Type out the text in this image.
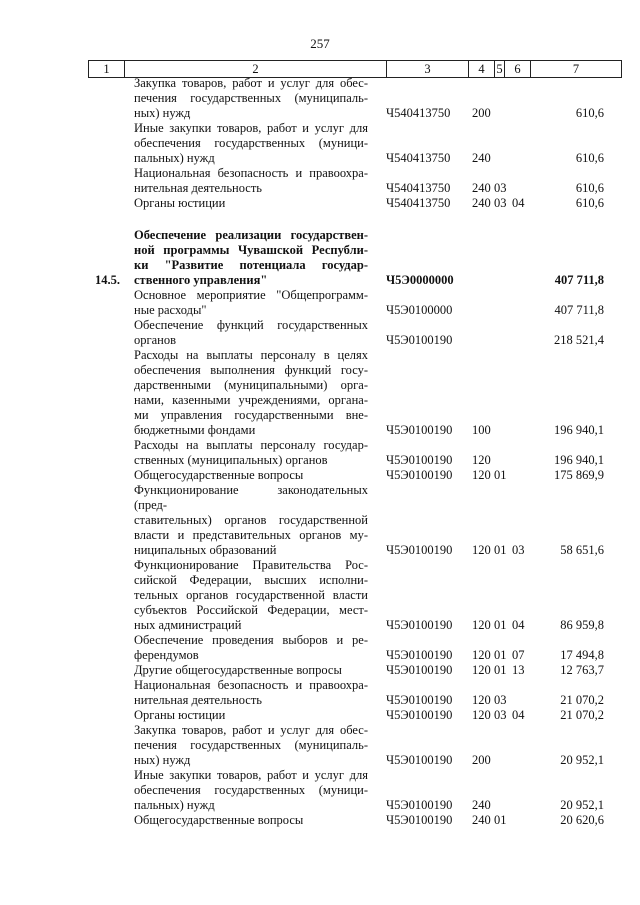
257
1	2	3	4 5 6	7
Закупка товаров, работ и услуг для обес-
печения государственных (муниципаль-
ных) нужд	Ч540413750 200	610,6
Иные закупки товаров, работ и услуг для
обеспечения государственных (муници-
пальных) нужд	Ч540413750 240	610,6
Национальная безопасность и правоохра-
нительная деятельность	Ч540413750 240 03	610,6
Органы юстиции	Ч540413750 240 03 04	610,6
Обеспечение реализации государствен-
ной программы Чувашской Республи-
ки "Развитие потенциала государ-
ственного управления"
14.5.	Ч5Э0000000	407 711,8
Основное мероприятие "Общепрограмм-
ные расходы"	Ч5Э0100000	407 711,8
Обеспечение функций государственных
органов	Ч5Э0100190	218 521,4
Расходы на выплаты персоналу в целях
обеспечения выполнения функций госу-
дарственными (муниципальными) орга-
нами, казенными учреждениями, органа-
ми управления государственными вне-
бюджетными фондами	Ч5Э0100190 100	196 940,1
Расходы на выплаты персоналу государ-
ственных (муниципальных) органов	Ч5Э0100190 120	196 940,1
Общегосударственные вопросы	Ч5Э0100190 120 01	175 869,9
Функционирование законодательных (пред-
ставительных) органов государственной
власти и представительных органов му-
ниципальных образований	Ч5Э0100190 120 01 03	58 651,6
Функционирование Правительства Рос-
сийской Федерации, высших исполни-
тельных органов государственной власти
субъектов Российской Федерации, мест-
ных администраций	Ч5Э0100190 120 01 04	86 959,8
Обеспечение проведения выборов и ре-
ферендумов	Ч5Э0100190 120 01 07	17 494,8
Другие общегосударственные вопросы	Ч5Э0100190 120 01 13	12 763,7
Национальная безопасность и правоохра-
нительная деятельность	Ч5Э0100190 120 03	21 070,2
Органы юстиции	Ч5Э0100190 120 03 04	21 070,2
Закупка товаров, работ и услуг для обес-
печения государственных (муниципаль-
ных) нужд	Ч5Э0100190 200	20 952,1
Иные закупки товаров, работ и услуг для
обеспечения государственных (муници-
пальных) нужд	Ч5Э0100190 240	20 952,1
Общегосударственные вопросы	Ч5Э0100190 240 01	20 620,6
